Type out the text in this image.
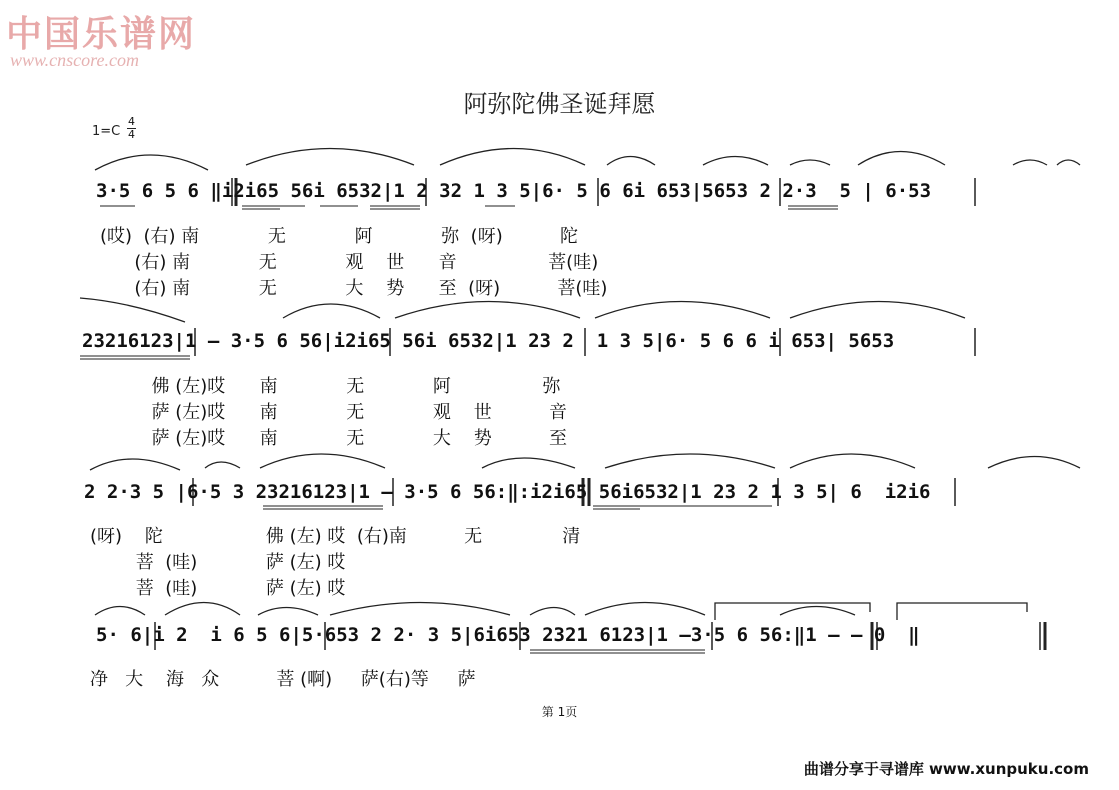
中国乐谱网
www.cnscore.com
阿弥陀佛圣诞拜愿
1=C
4
4
3·5 6 5 6 ‖i2i65 56i 6532|1 2 32 1 3 5|6· 5 6 6i 653|5653 2 2·3  5 | 6·53
(哎)  (右) 南            无            阿            弥  (呀)          陀
(右) 南            无            观    世      音                菩(哇)
(右) 南            无            大    势      至  (呀)          菩(哇)
23216123|1 – 3·5 6 56|i2i65 56i 6532|1 23 2  1 3 5|6· 5 6 6 i 653| 5653
佛 (左)哎      南            无            阿                弥
萨 (左)哎      南            无            观    世          音
萨 (左)哎      南            无            大    势          至
2 2·3 5 |6·5 3 23216123|1 – 3·5 6 56:‖:i2i65 56i6532|1 23 2 1 3 5| 6  i2i6
(呀)    陀                  佛 (左) 哎  (右)南          无              清
菩  (哇)            萨 (左) 哎
菩  (哇)            萨 (左) 哎
5· 6|i 2  i 6 5 6|5·653 2 2· 3 5|6i653 2321 6123|1 –3·5 6 56:‖1 – – 0  ‖
净   大    海   众          菩 (啊)     萨(右)等     萨
第 1页
曲谱分享于寻谱库 www.xunpuku.com
